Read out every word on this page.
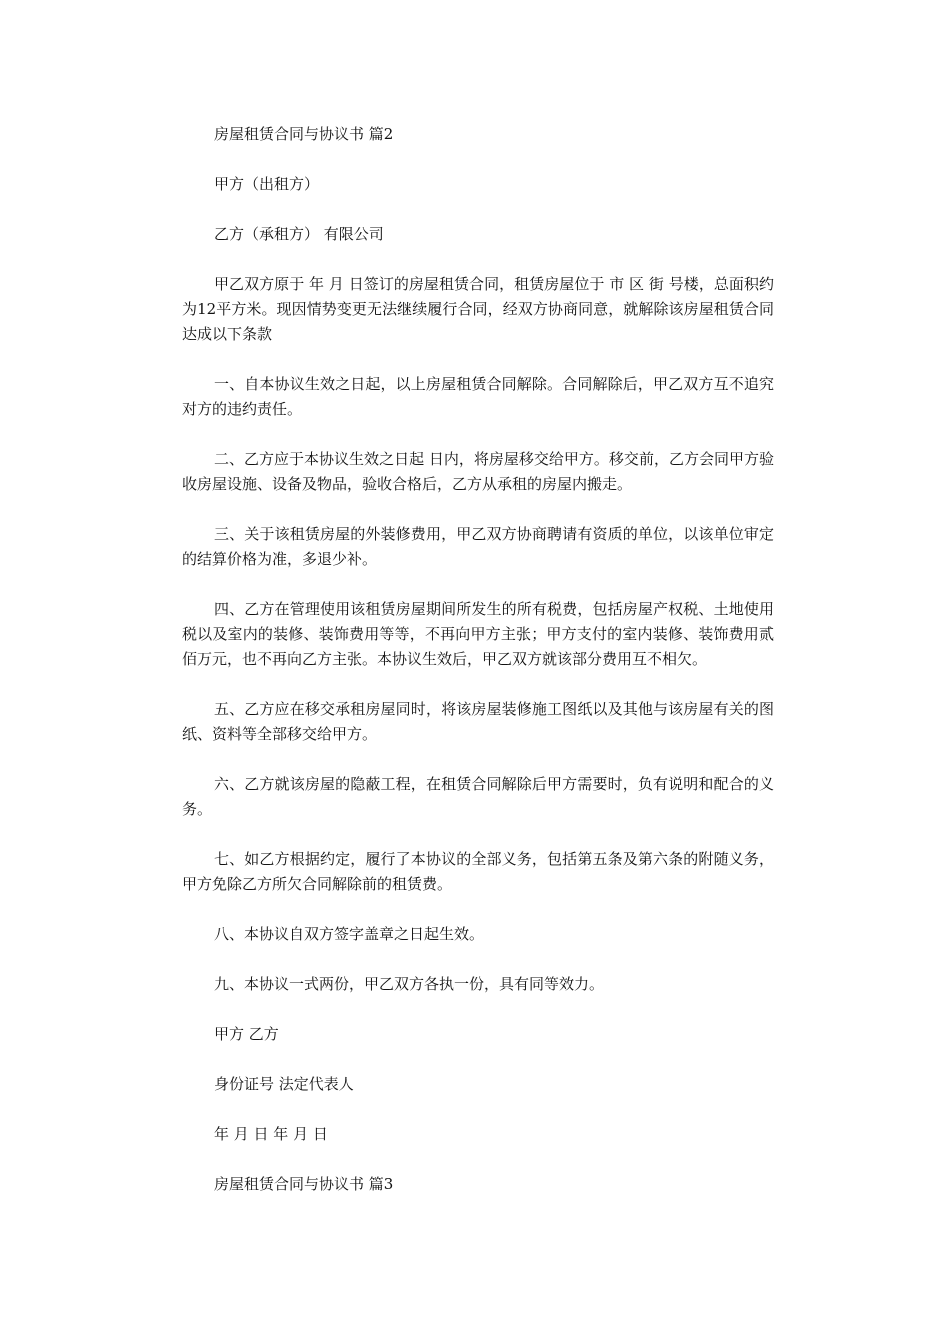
房屋租赁合同与协议书 篇2

甲方（出租方）

乙方（承租方） 有限公司

甲乙双方原于 年 月 日签订的房屋租赁合同，租赁房屋位于 市 区 街 号楼，总面积约为12平方米。现因情势变更无法继续履行合同，经双方协商同意，就解除该房屋租赁合同达成以下条款

一、自本协议生效之日起，以上房屋租赁合同解除。合同解除后，甲乙双方互不追究对方的违约责任。

二、乙方应于本协议生效之日起 日内，将房屋移交给甲方。移交前，乙方会同甲方验收房屋设施、设备及物品，验收合格后，乙方从承租的房屋内搬走。

三、关于该租赁房屋的外装修费用，甲乙双方协商聘请有资质的单位，以该单位审定的结算价格为准，多退少补。

四、乙方在管理使用该租赁房屋期间所发生的所有税费，包括房屋产权税、土地使用税以及室内的装修、装饰费用等等，不再向甲方主张；甲方支付的室内装修、装饰费用贰佰万元，也不再向乙方主张。本协议生效后，甲乙双方就该部分费用互不相欠。

五、乙方应在移交承租房屋同时，将该房屋装修施工图纸以及其他与该房屋有关的图纸、资料等全部移交给甲方。

六、乙方就该房屋的隐蔽工程，在租赁合同解除后甲方需要时，负有说明和配合的义务。

七、如乙方根据约定，履行了本协议的全部义务，包括第五条及第六条的附随义务，甲方免除乙方所欠合同解除前的租赁费。

八、本协议自双方签字盖章之日起生效。

九、本协议一式两份，甲乙双方各执一份，具有同等效力。

甲方 乙方

身份证号 法定代表人

年 月 日 年 月 日

房屋租赁合同与协议书 篇3
